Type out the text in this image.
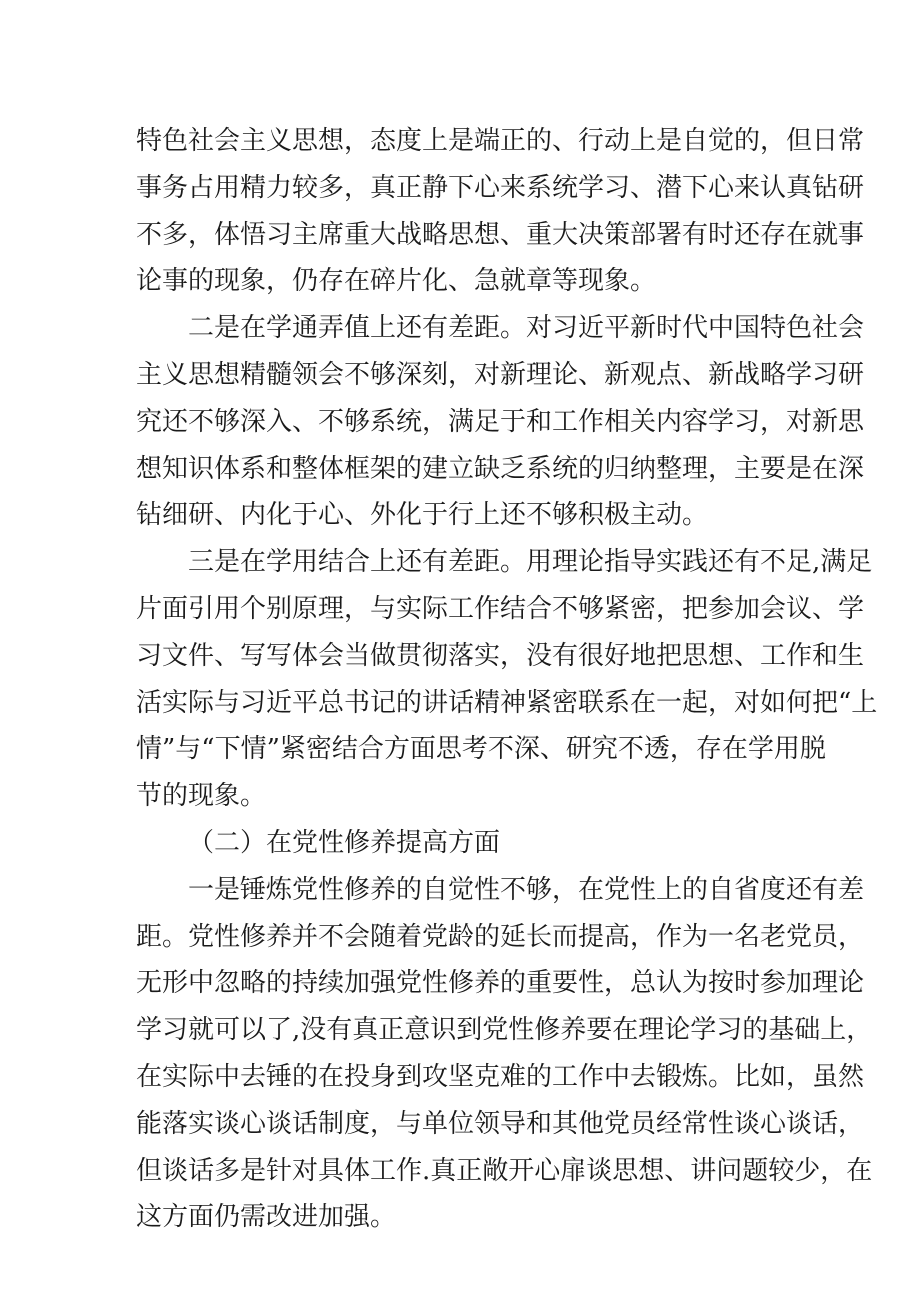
特色社会主义思想，态度上是端正的、行动上是自觉的，但日常
事务占用精力较多，真正静下心来系统学习、潜下心来认真钻研
不多，体悟习主席重大战略思想、重大决策部署有时还存在就事
论事的现象，仍存在碎片化、急就章等现象。
二是在学通弄值上还有差距。对习近平新时代中国特色社会
主义思想精髓领会不够深刻，对新理论、新观点、新战略学习研
究还不够深入、不够系统，满足于和工作相关内容学习，对新思
想知识体系和整体框架的建立缺乏系统的归纳整理，主要是在深
钻细研、内化于心、外化于行上还不够积极主动。
三是在学用结合上还有差距。用理论指导实践还有不足,满足
片面引用个别原理，与实际工作结合不够紧密，把参加会议、学
习文件、写写体会当做贯彻落实，没有很好地把思想、工作和生
活实际与习近平总书记的讲话精神紧密联系在一起，对如何把“上
情”与“下情”紧密结合方面思考不深、研究不透，存在学用脱
节的现象。
（二）在党性修养提高方面
一是锤炼党性修养的自觉性不够，在党性上的自省度还有差
距。党性修养并不会随着党龄的延长而提高，作为一名老党员，
无形中忽略的持续加强党性修养的重要性，总认为按时参加理论
学习就可以了,没有真正意识到党性修养要在理论学习的基础上，
在实际中去锤的在投身到攻坚克难的工作中去锻炼。比如，虽然
能落实谈心谈话制度，与单位领导和其他党员经常性谈心谈话，
但谈话多是针对具体工作.真正敞开心扉谈思想、讲问题较少，在
这方面仍需改进加强。
